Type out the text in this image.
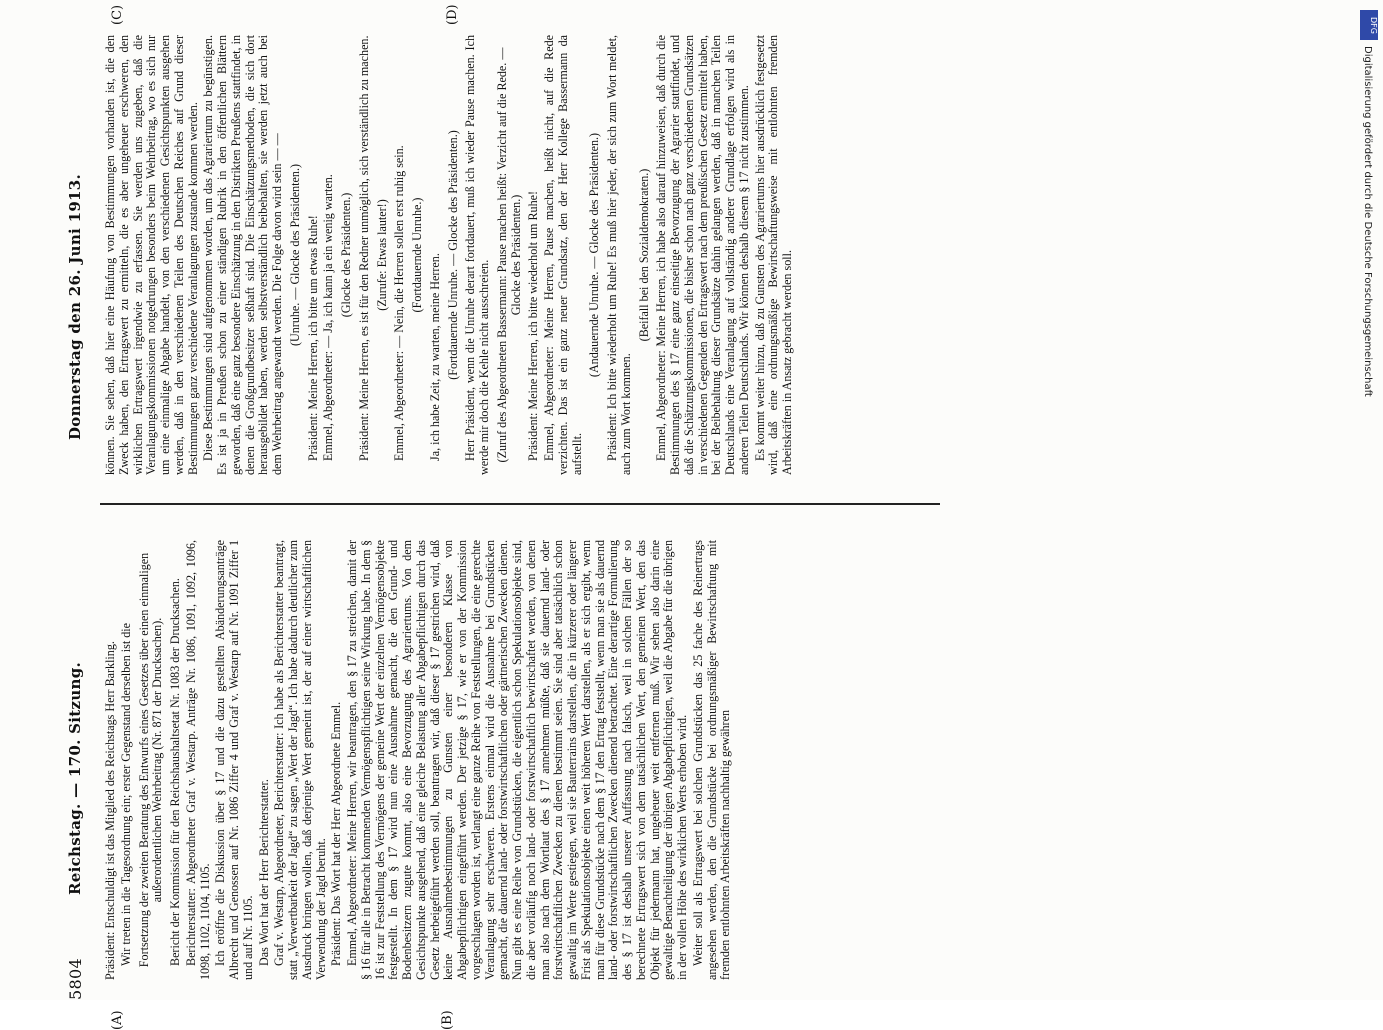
5804
Reichstag. — 170. Sitzung.
Donnerstag den 26. Juni 1913.
(A)	(B)
(C)	(D)

Präsident: Entschuldigt ist das Mitglied des Reichstags Herr Barkling. Wir treten in die Tagesordnung ein; erster Gegenstand derselben ist die Fortsetzung der zweiten Beratung des Entwurfs eines Gesetzes über einen einmaligen außerordentlichen Wehrbeitrag (Nr. 871 der Drucksachen). Bericht der Kommission für den Reichshaushaltsetat Nr. 1083 der Drucksachen. Berichterstatter: Abgeordneter Graf v. Westarp. Anträge Nr. 1086, 1091, 1092, 1096, 1098, 1102, 1104, 1105. Ich eröffne die Diskussion über § 17 und die dazu gestellten Abänderungsanträge Albrecht und Genossen auf Nr. 1086 Ziffer 4 und Graf v. Westarp auf Nr. 1091 Ziffer 1 und auf Nr. 1105. Das Wort hat der Herr Berichterstatter. Graf v. Westarp, Abgeordneter, Berichterstatter: Ich habe als Berichterstatter beantragt, statt „Verwertbarkeit der Jagd“ zu sagen „Wert der Jagd“. Ich habe dadurch deutlicher zum Ausdruck bringen wollen, daß derjenige Wert gemeint ist, der auf einer wirtschaftlichen Verwendung der Jagd beruht. Präsident: Das Wort hat der Herr Abgeordnete Emmel. Emmel, Abgeordneter: Meine Herren, wir beantragen, den § 17 zu streichen, damit der § 16 für alle in Betracht kommenden Vermögenspflichtigen seine Wirkung habe. In dem § 16 ist zur Feststellung des Vermögens der gemeine Wert der einzelnen Vermögensobjekte festgestellt. In dem § 17 wird nun eine Ausnahme gemacht, die den Grund- und Bodenbesitzern zugute kommt, also eine Bevorzugung des Agrariertums. Von dem Gesichtspunkte ausgehend, daß eine gleiche Belastung aller Abgabepflichtigen durch das Gesetz herbeigeführt werden soll, beantragen wir, daß dieser § 17 gestrichen wird, daß keine Ausnahmebestimmungen zu Gunsten einer besonderen Klasse von Abgabepflichtigen eingeführt werden. Der jetzige § 17, wie er von der Kommission vorgeschlagen worden ist, verlangt eine ganze Reihe von Feststellungen, die eine gerechte Veranlagung sehr erschweren. Erstens einmal wird die Ausnahme bei Grundstücken gemacht, die dauernd land- oder forstwirtschaftlichen oder gärtnerischen Zwecken dienen. Nun gibt es eine Reihe von Grundstücken, die eigentlich schon Spekulationsobjekte sind, die aber vorläufig noch land- oder forstwirtschaftlich bewirtschaftet werden, von denen man also nach dem Wortlaut des § 17 annehmen müßte, daß sie dauernd land- oder forstwirtschaftlichen Zwecken zu dienen bestimmt seien. Sie sind aber tatsächlich schon gewaltig im Werte gestiegen, weil sie Bauterrains darstellen, die in kürzerer oder längerer Frist als Spekulationsobjekte einen weit höheren Wert darstellen, als er sich ergibt, wenn man für diese Grundstücke nach dem § 17 den Ertrag feststellt, wenn man sie als dauernd land- oder forstwirtschaftlichen Zwecken dienend betrachtet. Eine derartige Formulierung des § 17 ist deshalb unserer Auffassung nach falsch, weil in solchen Fällen der so berechnete Ertragswert sich von dem tatsächlichen Wert, den gemeinen Wert, den das Objekt für jedermann hat, ungeheuer weit entfernen muß. Wir sehen also darin eine gewaltige Benachteiligung der übrigen Abgabepflichtigen, weil die Abgabe für die übrigen in der vollen Höhe des wirklichen Werts erhoben wird. Weiter soll als Ertragswert bei solchen Grundstücken das 25 fache des Reinertrags angesehen werden, den die Grundstücke bei ordnungsmäßiger Bewirtschaftung mit fremden entlohnten Arbeitskräften nachhaltig gewähren

können. Sie sehen, daß hier eine Häufung von Bestimmungen vorhanden ist, die den Zweck haben, den Ertragswert zu ermitteln, die es aber ungeheuer erschweren, den wirklichen Ertragswert irgendwie zu erfassen. Sie werden uns zugeben, daß die Veranlagungskommissionen notgedrungen besonders beim Wehrbeitrag, wo es sich nur um eine einmalige Abgabe handelt, von den verschiedenen Gesichtspunkten ausgehen werden, daß in den verschiedenen Teilen des Deutschen Reiches auf Grund dieser Bestimmungen ganz verschiedene Veranlagungen zustande kommen werden. Diese Bestimmungen sind aufgenommen worden, um das Agrariertum zu begünstigen. Es ist ja in Preußen schon zu einer ständigen Rubrik in den öffentlichen Blättern geworden, daß eine ganz besondere Einschätzung in den Distrikten Preußens stattfindet, in denen die Großgrundbesitzer seßhaft sind. Die Einschätzungsmethoden, die sich dort herausgebildet haben, werden selbstverständlich beibehalten, sie werden jetzt auch bei dem Wehrbeitrag angewandt werden. Die Folge davon wird sein — — (Unruhe. — Glocke des Präsidenten.) Präsident: Meine Herren, ich bitte um etwas Ruhe! Emmel, Abgeordneter: — Ja, ich kann ja ein wenig warten. (Glocke des Präsidenten.) Präsident: Meine Herren, es ist für den Redner unmöglich, sich verständlich zu machen. (Zurufe: Etwas lauter!) Emmel, Abgeordneter: — Nein, die Herren sollen erst ruhig sein. (Fortdauernde Unruhe.) Ja, ich habe Zeit, zu warten, meine Herren. (Fortdauernde Unruhe. — Glocke des Präsidenten.) Herr Präsident, wenn die Unruhe derart fortdauert, muß ich wieder Pause machen. Ich werde mir doch die Kehle nicht ausschreien. (Zuruf des Abgeordneten Bassermann: Pause machen heißt: Verzicht auf die Rede. — Glocke des Präsidenten.) Präsident: Meine Herren, ich bitte wiederholt um Ruhe! Emmel, Abgeordneter: Meine Herren, Pause machen, heißt nicht, auf die Rede verzichten. Das ist ein ganz neuer Grundsatz, den der Herr Kollege Bassermann da aufstellt.

(Andauernde Unruhe. — Glocke des Präsidenten.) Präsident: Ich bitte wiederholt um Ruhe! Es muß hier jeder, der sich zum Wort meldet, auch zum Wort kommen.

(Beifall bei den Sozialdemokraten.) Emmel, Abgeordneter: Meine Herren, ich habe also darauf hinzuweisen, daß durch die Bestimmungen des § 17 eine ganz einseitige Bevorzugung der Agrarier stattfindet, und daß die Schätzungskommissionen, die bisher schon nach ganz verschiedenen Grundsätzen in verschiedenen Gegenden den Ertragswert nach dem preußischen Gesetz ermittelt haben, bei der Beibehaltung dieser Grundsätze dahin gelangen werden, daß in manchen Teilen Deutschlands eine Veranlagung auf vollständig anderer Grundlage erfolgen wird als in anderen Teilen Deutschlands. Wir können deshalb diesem § 17 nicht zustimmen. Es kommt weiter hinzu, daß zu Gunsten des Agrariertums hier ausdrücklich festgesetzt wird, daß eine ordnungsmäßige Bewirtschaftungsweise mit entlohnten fremden Arbeitskräften in Ansatz gebracht werden soll.

DFG
Digitalisierung gefördert durch die Deutsche Forschungsgemeinschaft
